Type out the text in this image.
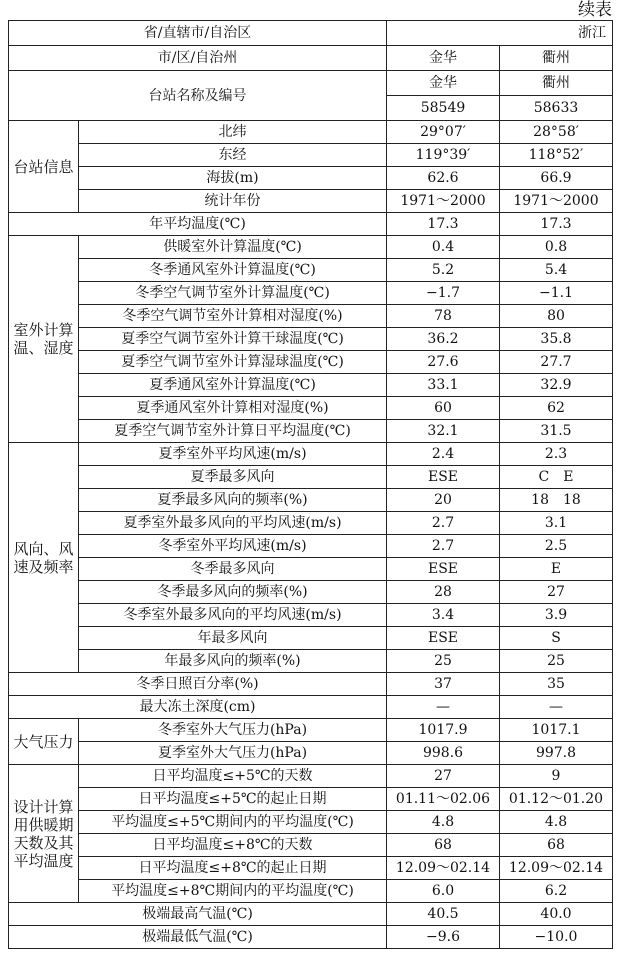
续表
省/直辖市/自治区		浙江	
市/区/自治州		金华	衢州
台站名称及编号		金华	衢州
		58549	58633
台站信息	北纬	29°07′	28°58′
	东经	119°39′	118°52′
	海拔(m)	62.6	66.9
	统计年份	1971～2000	1971～2000
年平均温度(℃)		17.3	17.3
室外计算温、湿度	供暖室外计算温度(℃)	0.4	0.8
	冬季通风室外计算温度(℃)	5.2	5.4
	冬季空气调节室外计算温度(℃)	−1.7	−1.1
	冬季空气调节室外计算相对湿度(%)	78	80
	夏季空气调节室外计算干球温度(℃)	36.2	35.8
	夏季空气调节室外计算湿球温度(℃)	27.6	27.7
	夏季通风室外计算温度(℃)	33.1	32.9
	夏季通风室外计算相对湿度(%)	60	62
	夏季空气调节室外计算日平均温度(℃)	32.1	31.5
风向、风速及频率	夏季室外平均风速(m/s)	2.4	2.3
	夏季最多风向	ESE	C　E
	夏季最多风向的频率(%)	20	18　18
	夏季室外最多风向的平均风速(m/s)	2.7	3.1
	冬季室外平均风速(m/s)	2.7	2.5
	冬季最多风向	ESE	E
	冬季最多风向的频率(%)	28	27
	冬季室外最多风向的平均风速(m/s)	3.4	3.9
	年最多风向	ESE	S
	年最多风向的频率(%)	25	25
冬季日照百分率(%)		37	35
最大冻土深度(cm)		—	—
大气压力	冬季室外大气压力(hPa)	1017.9	1017.1
	夏季室外大气压力(hPa)	998.6	997.8
设计计算用供暖期天数及其平均温度	日平均温度≤+5℃的天数	27	9
	日平均温度≤+5℃的起止日期	01.11～02.06	01.12～01.20
	平均温度≤+5℃期间内的平均温度(℃)	4.8	4.8
	日平均温度≤+8℃的天数	68	68
	日平均温度≤+8℃的起止日期	12.09～02.14	12.09～02.14
	平均温度≤+8℃期间内的平均温度(℃)	6.0	6.2
极端最高气温(℃)		40.5	40.0
极端最低气温(℃)		−9.6	−10.0
